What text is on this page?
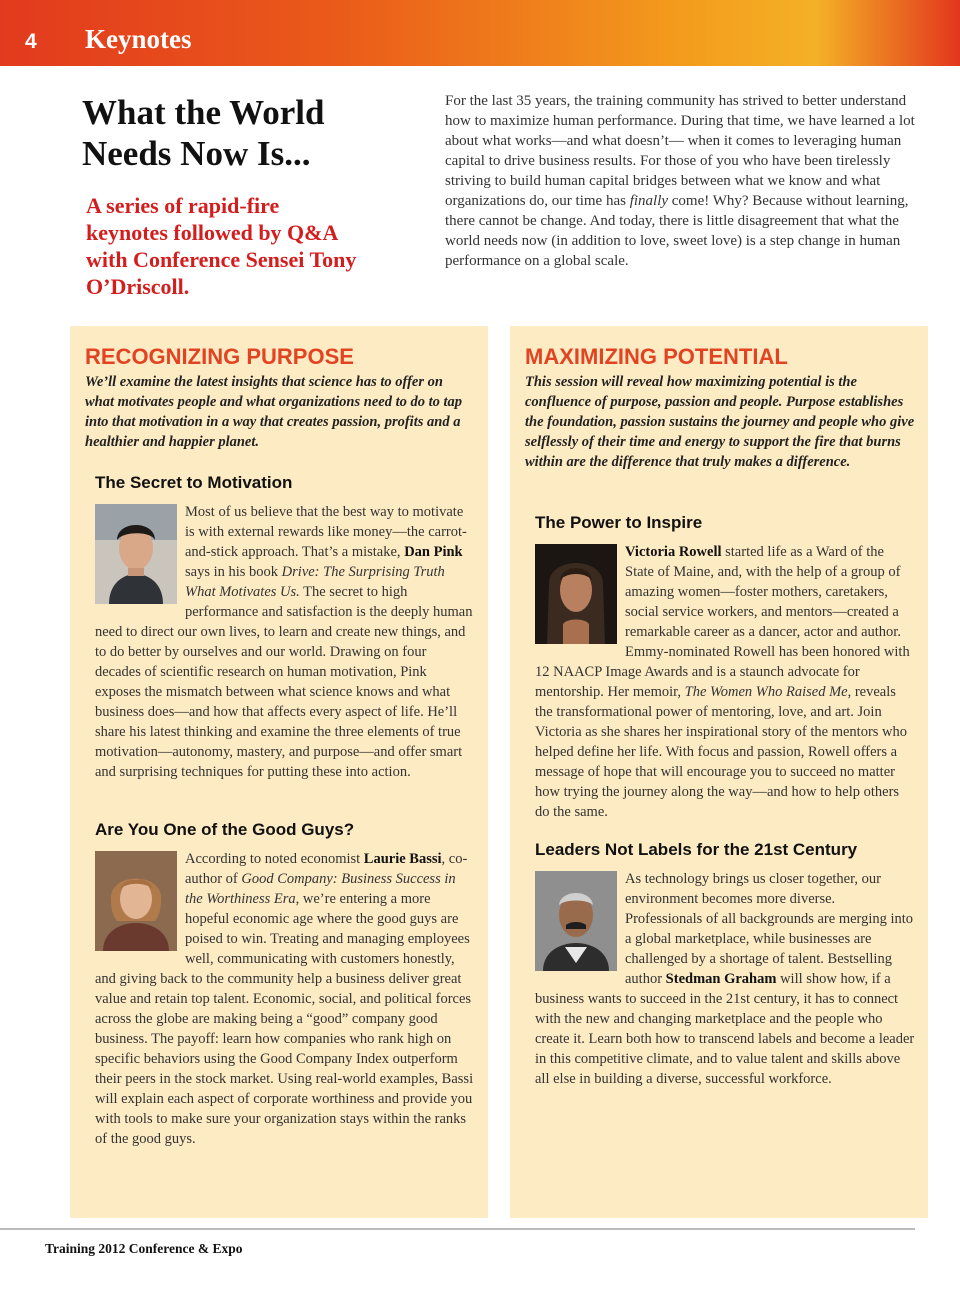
4 Keynotes
What the World Needs Now Is...

A series of rapid-fire keynotes followed by Q&A with Conference Sensei Tony O’Driscoll.

For the last 35 years, the training community has strived to better understand how to maximize human performance. During that time, we have learned a lot about what works—and what doesn’t— when it comes to leveraging human capital to drive business results. For those of you who have been tirelessly striving to build human capital bridges between what we know and what organizations do, our time has finally come! Why? Because without learning, there cannot be change. And today, there is little disagreement that what the world needs now (in addition to love, sweet love) is a step change in human performance on a global scale.

RECOGNIZING PURPOSE

We’ll examine the latest insights that science has to offer on what motivates people and what organizations need to do to tap into that motivation in a way that creates passion, profits and a healthier and happier planet.

The Secret to Motivation

Most of us believe that the best way to motivate is with external rewards like money—the carrot-and-stick approach. That’s a mistake, Dan Pink says in his book Drive: The Surprising Truth What Motivates Us. The secret to high performance and satisfaction is the deeply human need to direct our own lives, to learn and create new things, and to do better by ourselves and our world. Drawing on four decades of scientific research on human motivation, Pink exposes the mismatch between what science knows and what business does—and how that affects every aspect of life. He’ll share his latest thinking and examine the three elements of true motivation—autonomy, mastery, and purpose—and offer smart and surprising techniques for putting these into action.

Are You One of the Good Guys?

According to noted economist Laurie Bassi, co-author of Good Company: Business Success in the Worthiness Era, we’re entering a more hopeful economic age where the good guys are poised to win. Treating and managing employees well, communicating with customers honestly, and giving back to the community help a business deliver great value and retain top talent. Economic, social, and political forces across the globe are making being a “good” company good business. The payoff: learn how companies who rank high on specific behaviors using the Good Company Index outperform their peers in the stock market. Using real-world examples, Bassi will explain each aspect of corporate worthiness and provide you with tools to make sure your organization stays within the ranks of the good guys.

MAXIMIZING POTENTIAL

This session will reveal how maximizing potential is the confluence of purpose, passion and people. Purpose establishes the foundation, passion sustains the journey and people who give selflessly of their time and energy to support the fire that burns within are the difference that truly makes a difference.

The Power to Inspire

Victoria Rowell started life as a Ward of the State of Maine, and, with the help of a group of amazing women—foster mothers, caretakers, social service workers, and mentors—created a remarkable career as a dancer, actor and author. Emmy-nominated Rowell has been honored with 12 NAACP Image Awards and is a staunch advocate for mentorship. Her memoir, The Women Who Raised Me, reveals the transformational power of mentoring, love, and art. Join Victoria as she shares her inspirational story of the mentors who helped define her life. With focus and passion, Rowell offers a message of hope that will encourage you to succeed no matter how trying the journey along the way—and how to help others do the same.

Leaders Not Labels for the 21st Century

As technology brings us closer together, our environment becomes more diverse. Professionals of all backgrounds are merging into a global marketplace, while businesses are challenged by a shortage of talent. Bestselling author Stedman Graham will show how, if a business wants to succeed in the 21st century, it has to connect with the new and changing marketplace and the people who create it. Learn both how to transcend labels and become a leader in this competitive climate, and to value talent and skills above all else in building a diverse, successful workforce.

Training 2012 Conference & Expo
